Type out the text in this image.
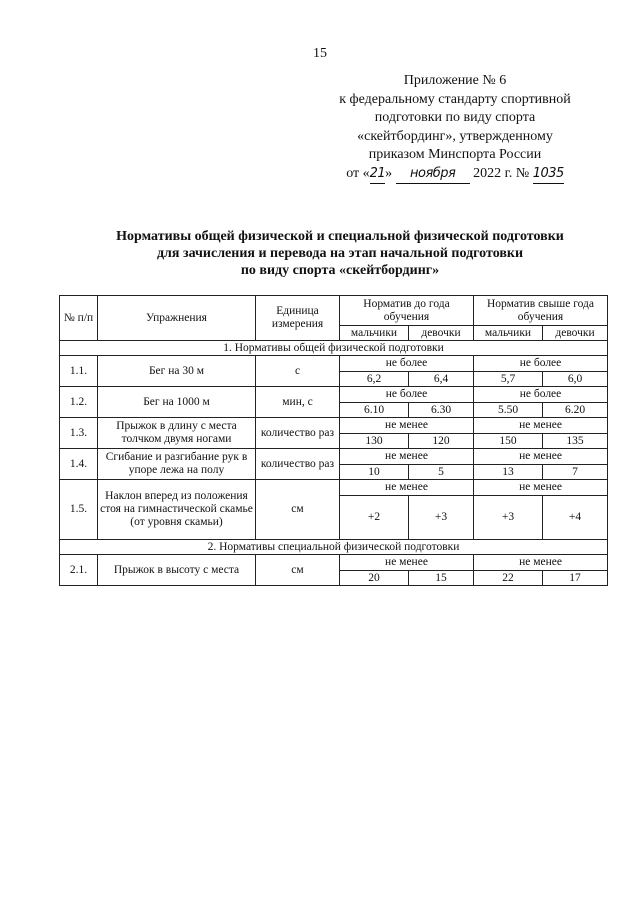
15
Приложение № 6
к федеральному стандарту спортивной
подготовки по виду спорта
«скейтбординг», утвержденному
приказом Минспорта России
от «21» ноября 2022 г. № 1035
Нормативы общей физической и специальной физической подготовки
для зачисления и перевода на этап начальной подготовки
по виду спорта «скейтбординг»
№ п/п	Упражнения	Единица измерения	Норматив до года обучения		Норматив свыше года обучения	
			мальчики	девочки	мальчики	девочки
1. Нормативы общей физической подготовки						
1.1.	Бег на 30 м	с	не более		не более	
			6,2	6,4	5,7	6,0
1.2.	Бег на 1000 м	мин, с	не более		не более	
			6.10	6.30	5.50	6.20
1.3.	Прыжок в длину с места толчком двумя ногами	количество раз	не менее		не менее	
			130	120	150	135
1.4.	Сгибание и разгибание рук в упоре лежа на полу	количество раз	не менее		не менее	
			10	5	13	7
1.5.	Наклон вперед из положения стоя на гимнастической скамье (от уровня скамьи)	см	не менее		не менее	
			+2	+3	+3	+4
2. Нормативы специальной физической подготовки						
2.1.	Прыжок в высоту с места	см	не менее		не менее	
			20	15	22	17
